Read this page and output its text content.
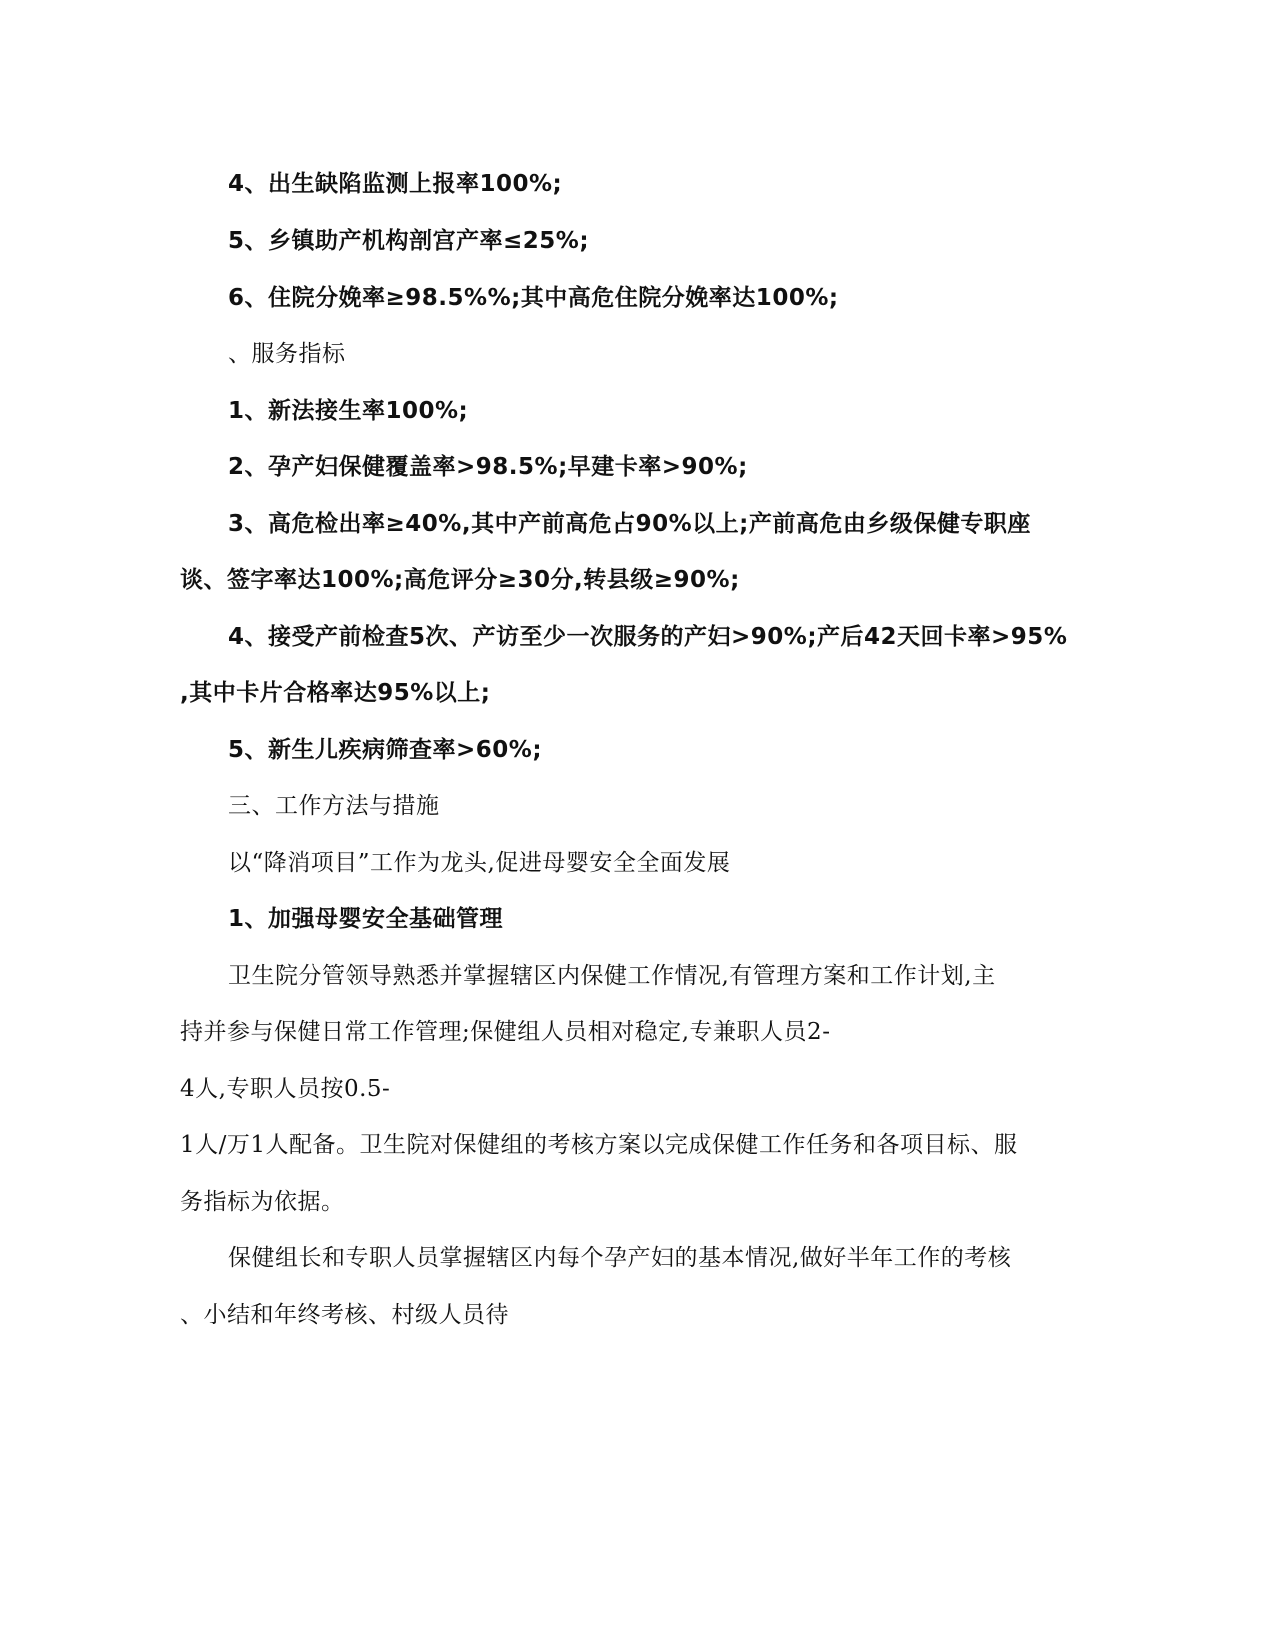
4、出生缺陷监测上报率100%;
5、乡镇助产机构剖宫产率≤25%;
6、住院分娩率≥98.5%%;其中高危住院分娩率达100%;
、服务指标
1、新法接生率100%;
2、孕产妇保健覆盖率>98.5%;早建卡率>90%;
3、高危检出率≥40%,其中产前高危占90%以上;产前高危由乡级保健专职座
谈、签字率达100%;高危评分≥30分,转县级≥90%;
4、接受产前检查5次、产访至少一次服务的产妇>90%;产后42天回卡率>95%
,其中卡片合格率达95%以上;
5、新生儿疾病筛查率>60%;
三、工作方法与措施
以“降消项目”工作为龙头,促进母婴安全全面发展
1、加强母婴安全基础管理
卫生院分管领导熟悉并掌握辖区内保健工作情况,有管理方案和工作计划,主
持并参与保健日常工作管理;保健组人员相对稳定,专兼职人员2-
4人,专职人员按0.5-
1人/万1人配备。卫生院对保健组的考核方案以完成保健工作任务和各项目标、服
务指标为依据。
保健组长和专职人员掌握辖区内每个孕产妇的基本情况,做好半年工作的考核
、小结和年终考核、村级人员待
